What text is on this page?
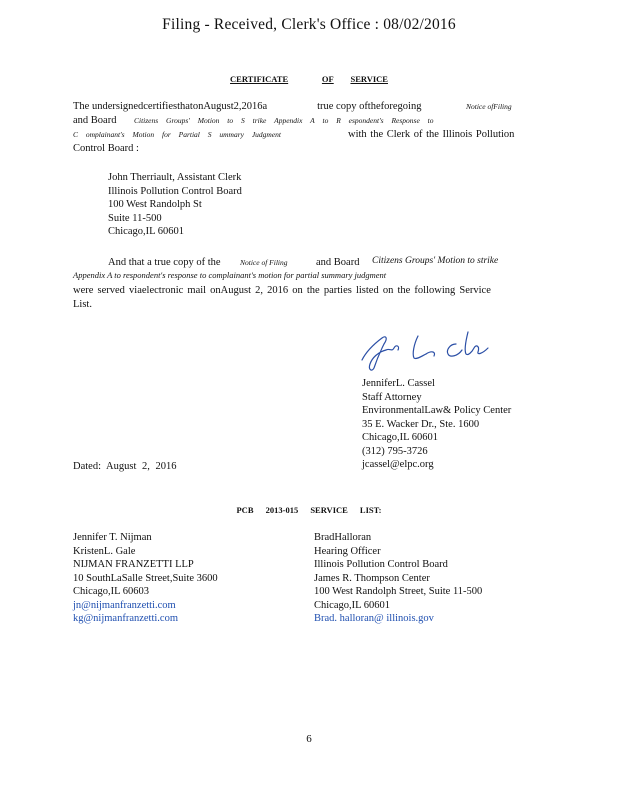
Filing - Received, Clerk's Office : 08/02/2016
CERTIFICATE	OF SERVICE
The undersignedcertifiesthatonAugust2,2016a	true copy oftheforegoing	Notice ofFiling
and Board Citizens Groups' Motion to S trike Appendix A to R espondent's Response to
C omplainant's Motion for Partial S ummary Judgment	with the Clerk of the Illinois Pollution
Control Board :
John Therriault, Assistant Clerk
Illinois Pollution Control Board
100 West Randolph St
Suite 11-500
Chicago,IL 60601
And that a true copy of the	Notice of Filing	and Board Citizens Groups' Motion to strike
Appendix A to respondent's response to complainant's motion for partial summary judgment
were served viaelectronic mail onAugust 2, 2016 on the parties listed on the following Service
List.
JenniferL. Cassel
Staff Attorney
EnvironmentalLaw& Policy Center
35 E. Wacker Dr., Ste. 1600
Chicago,IL 60601
(312) 795-3726
jcassel@elpc.org
Dated: August 2, 2016
PCB 2013-015 SERVICE LIST:
Jennifer T. Nijman
KristenL. Gale
NIJMAN FRANZETTI LLP
10 SouthLaSalle Street,Suite 3600
Chicago,IL 60603
jn@nijmanfranzetti.com
kg@nijmanfranzetti.com
BradHalloran
Hearing Officer
Illinois Pollution Control Board
James R. Thompson Center
100 West Randolph Street, Suite 11-500
Chicago,IL 60601
Brad. halloran@ illinois.gov
6
